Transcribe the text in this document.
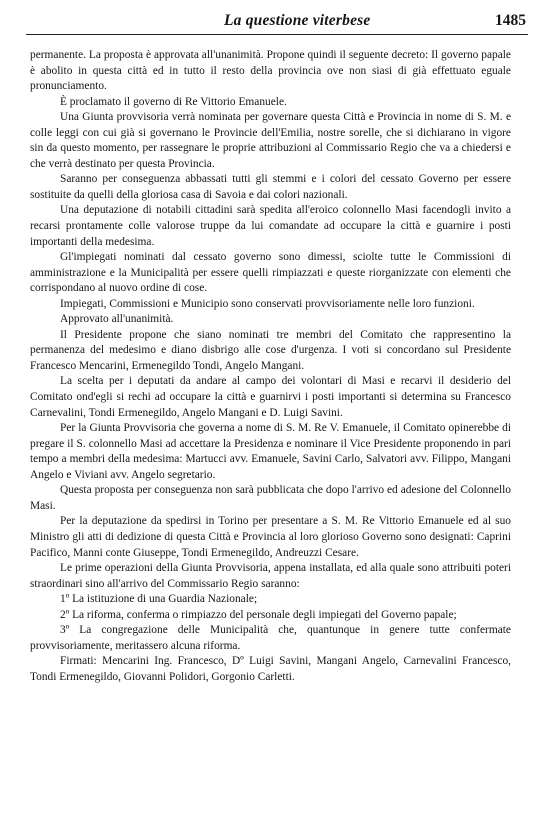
La questione viterbese	1485

permanente. La proposta è approvata all'unanimità. Propone quindi il seguente decreto: Il governo papale è abolito in questa città ed in tutto il resto della provincia ove non siasi di già effettuato eguale pronunciamento.

È proclamato il governo di Re Vittorio Emanuele.

Una Giunta provvisoria verrà nominata per governare questa Città e Provincia in nome di S. M. e colle leggi con cui già si governano le Provincie dell'Emilia, nostre sorelle, che si dichiarano in vigore sin da questo momento, per rassegnare le proprie attribuzioni al Commissario Regio che va a chiedersi e che verrà destinato per questa Provincia.

Saranno per conseguenza abbassati tutti gli stemmi e i colori del cessato Governo per essere sostituite da quelli della gloriosa casa di Savoia e dai colori nazionali.

Una deputazione di notabili cittadini sarà spedita all'eroico colonnello Masi facendogli invito a recarsi prontamente colle valorose truppe da lui comandate ad occupare la città e guarnire i posti importanti della medesima.

Gl'impiegati nominati dal cessato governo sono dimessi, sciolte tutte le Commissioni di amministrazione e la Municipalità per essere quelli rimpiazzati e queste riorganizzate con elementi che corrispondano al nuovo ordine di cose.

Impiegati, Commissioni e Municipio sono conservati provvisoriamente nelle loro funzioni.

Approvato all'unanimità.

Il Presidente propone che siano nominati tre membri del Comitato che rappresentino la permanenza del medesimo e diano disbrigo alle cose d'urgenza. I voti si concordano sul Presidente Francesco Mencarini, Ermenegildo Tondi, Angelo Mangani.

La scelta per i deputati da andare al campo dei volontari di Masi e recarvi il desiderio del Comitato ond'egli si rechi ad occupare la città e guarnirvi i posti importanti si determina su Francesco Carnevalini, Tondi Ermenegildo, Angelo Mangani e D. Luigi Savini.

Per la Giunta Provvisoria che governa a nome di S. M. Re V. Emanuele, il Comitato opinerebbe di pregare il S. colonnello Masi ad accettare la Presidenza e nominare il Vice Presidente proponendo in pari tempo a membri della medesima: Martucci avv. Emanuele, Savini Carlo, Salvatori avv. Filippo, Mangani Angelo e Viviani avv. Angelo segretario.

Questa proposta per conseguenza non sarà pubblicata che dopo l'arrivo ed adesione del Colonnello Masi.

Per la deputazione da spedirsi in Torino per presentare a S. M. Re Vittorio Emanuele ed al suo Ministro gli atti di dedizione di questa Città e Provincia al loro glorioso Governo sono designati: Caprini Pacifico, Manni conte Giuseppe, Tondi Ermenegildo, Andreuzzi Cesare.

Le prime operazioni della Giunta Provvisoria, appena installata, ed alla quale sono attribuiti poteri straordinari sino all'arrivo del Commissario Regio saranno:

1º La istituzione di una Guardia Nazionale;

2º La riforma, conferma o rimpiazzo del personale degli impiegati del Governo papale;

3º La congregazione delle Municipalità che, quantunque in genere tutte confermate provvisoriamente, meritassero alcuna riforma.

Firmati: Mencarini Ing. Francesco, Dº Luigi Savini, Mangani Angelo, Carnevalini Francesco, Tondi Ermenegildo, Giovanni Polidori, Gorgonio Carletti.
